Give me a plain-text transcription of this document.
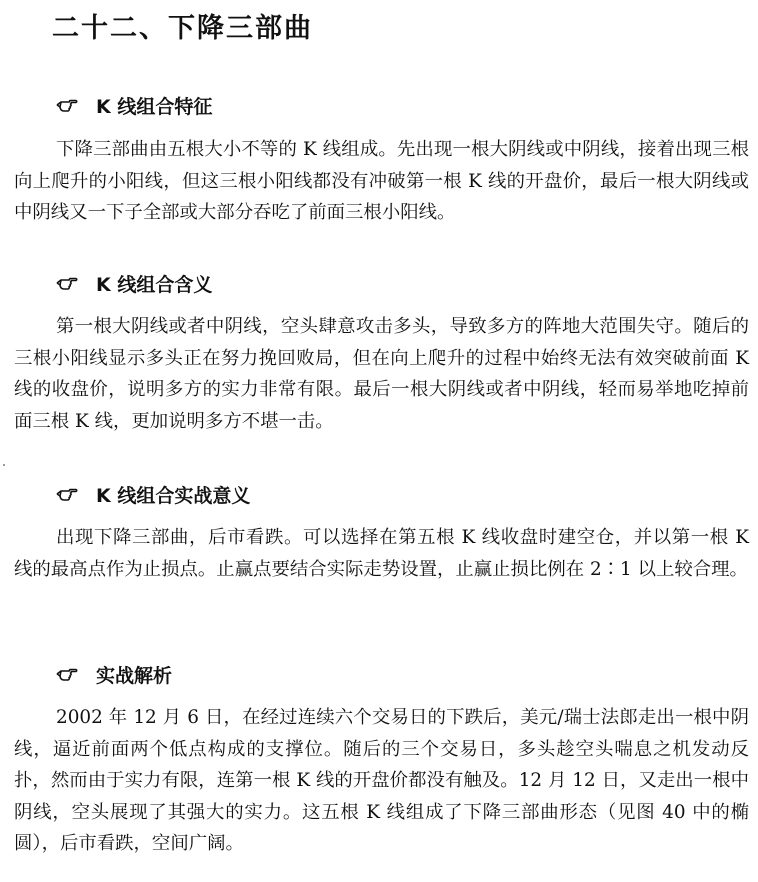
二十二、下降三部曲
K 线组合特征

下降三部曲由五根大小不等的 K 线组成。先出现一根大阴线或中阴线，接着出现三根向上爬升的小阳线，但这三根小阳线都没有冲破第一根 K 线的开盘价，最后一根大阴线或中阴线又一下子全部或大部分吞吃了前面三根小阳线。

K 线组合含义

第一根大阴线或者中阴线，空头肆意攻击多头，导致多方的阵地大范围失守。随后的三根小阳线显示多头正在努力挽回败局，但在向上爬升的过程中始终无法有效突破前面 K 线的收盘价，说明多方的实力非常有限。最后一根大阴线或者中阴线，轻而易举地吃掉前面三根 K 线，更加说明多方不堪一击。

K 线组合实战意义

出现下降三部曲，后市看跌。可以选择在第五根 K 线收盘时建空仓，并以第一根 K 线的最高点作为止损点。止赢点要结合实际走势设置，止赢止损比例在 2∶1 以上较合理。

实战解析

2002 年 12 月 6 日，在经过连续六个交易日的下跌后，美元/瑞士法郎走出一根中阴线，逼近前面两个低点构成的支撑位。随后的三个交易日，多头趁空头喘息之机发动反扑，然而由于实力有限，连第一根 K 线的开盘价都没有触及。12 月 12 日，又走出一根中阴线，空头展现了其强大的实力。这五根 K 线组成了下降三部曲形态（见图 40 中的椭圆），后市看跌，空间广阔。
